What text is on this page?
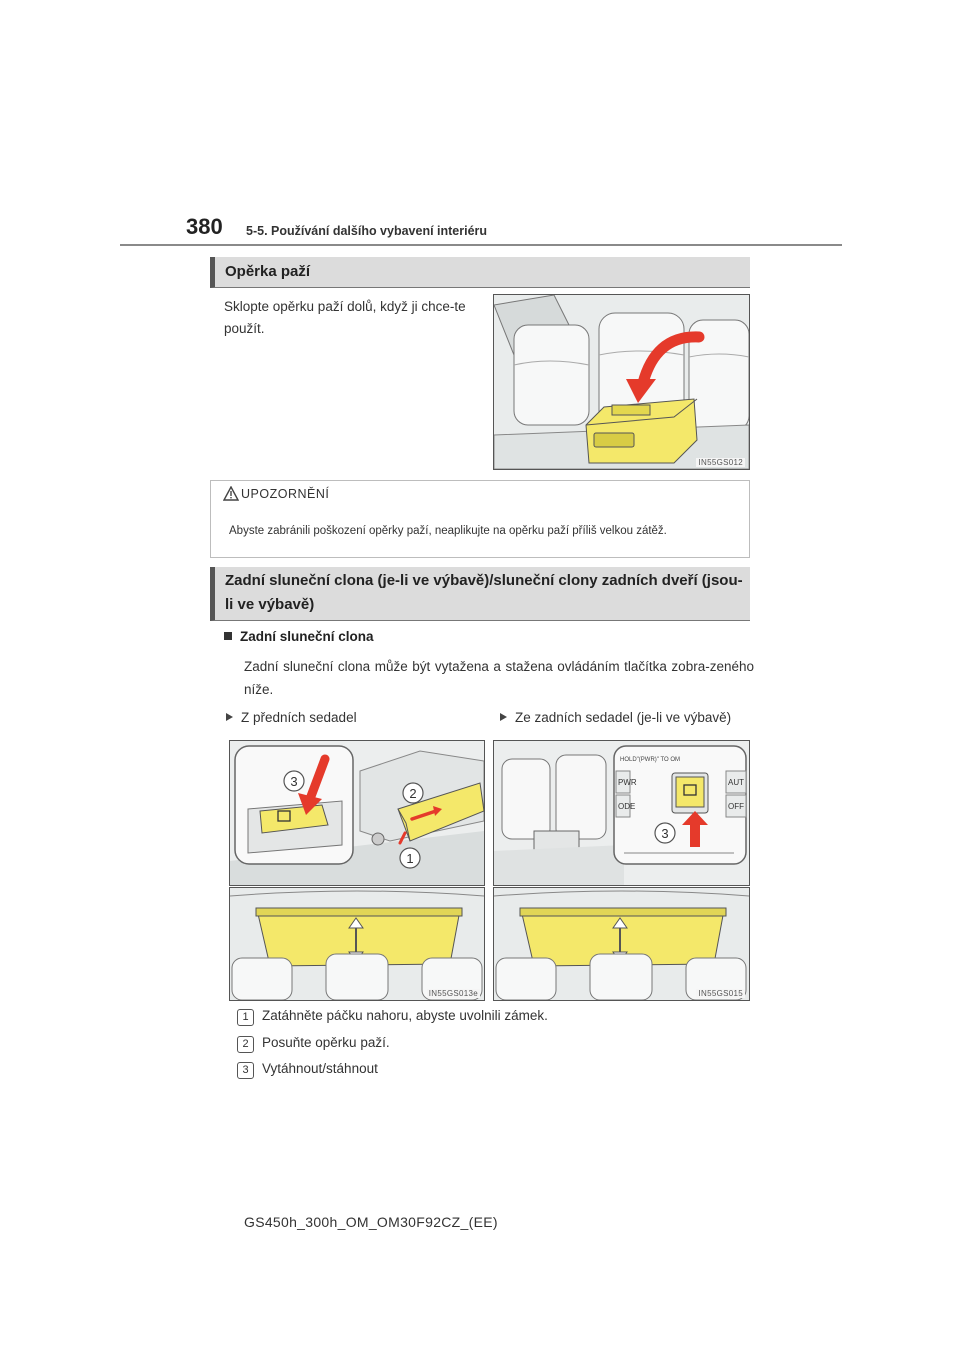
380 5-5. Používání dalšího vybavení interiéru
Opěrka paží
Sklopte opěrku paží dolů, když ji chce-te použít.
IN55GS012
UPOZORNĚNÍ
Abyste zabránili poškození opěrky paží, neaplikujte na opěrku paží příliš velkou zátěž.
Zadní sluneční clona (je-li ve výbavě)/sluneční clony zadních dveří (jsou-li ve výbavě)
Zadní sluneční clona
Zadní sluneční clona může být vytažena a stažena ovládáním tlačítka zobra-zeného níže.
Z předních sedadel	Ze zadních sedadel (je-li ve výbavě)
3
2
1
HOLD"(PWR)" TO OM
PWR
ODE
AUT
OFF
3
IN55GS013e	IN55GS015
1 Zatáhněte páčku nahoru, abyste uvolnili zámek.
2 Posuňte opěrku paží.
3 Vytáhnout/stáhnout
GS450h_300h_OM_OM30F92CZ_(EE)
